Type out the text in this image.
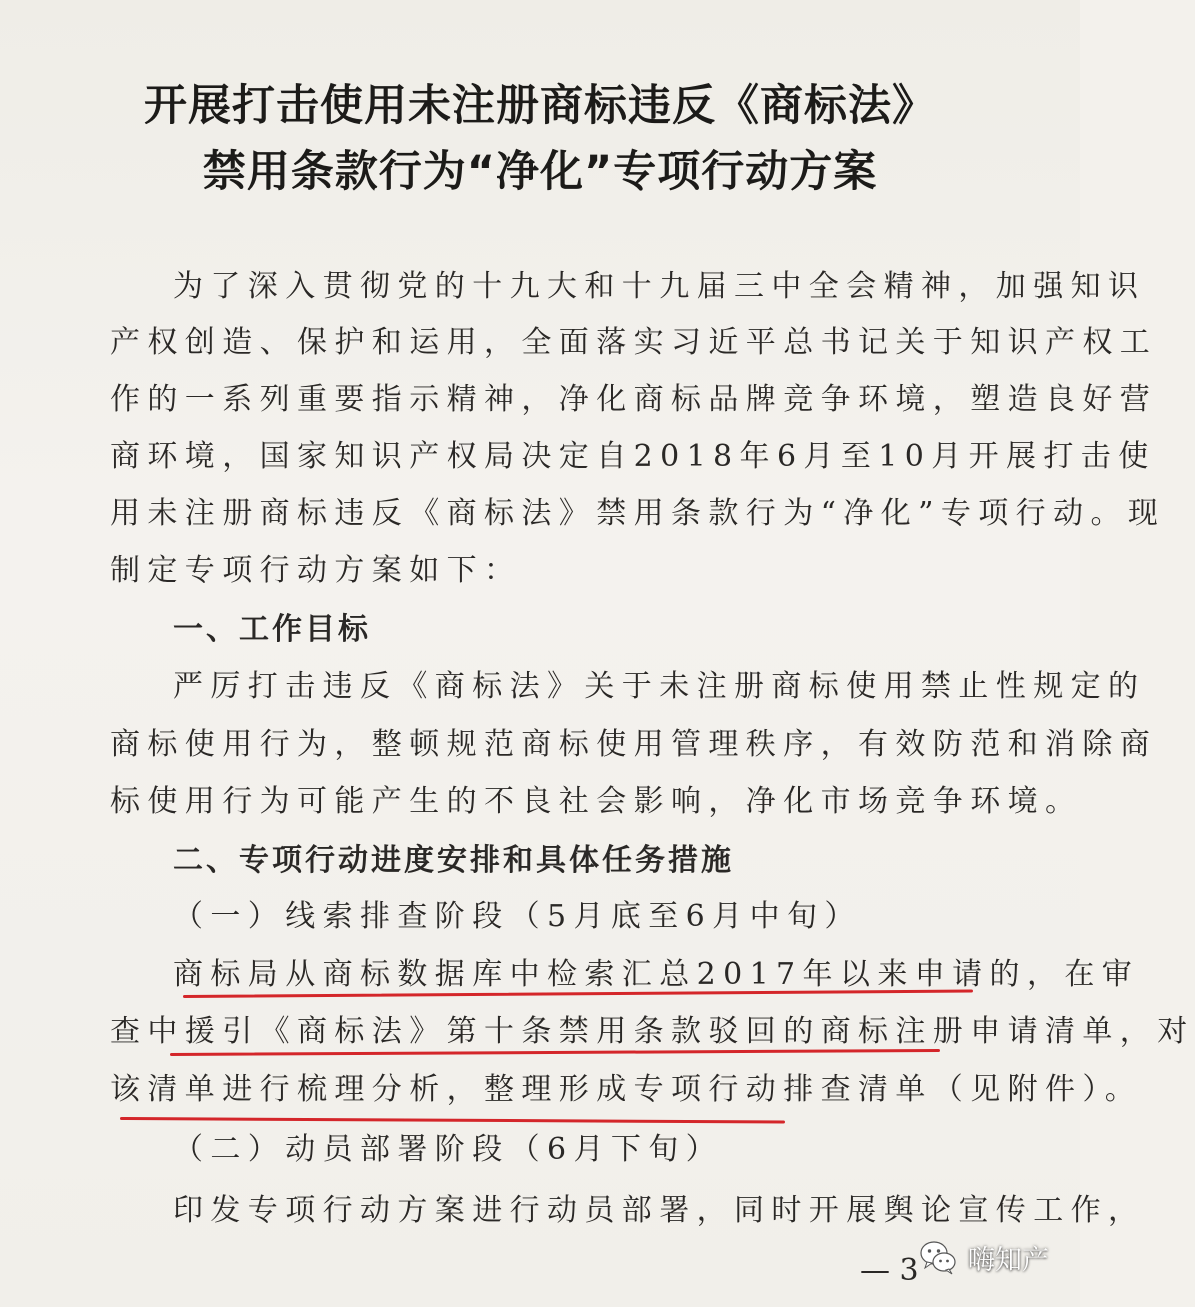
开展打击使用未注册商标违反《商标法》
禁用条款行为“净化”专项行动方案
为了深入贯彻党的十九大和十九届三中全会精神，加强知识
产权创造、保护和运用，全面落实习近平总书记关于知识产权工
作的一系列重要指示精神，净化商标品牌竞争环境，塑造良好营
商环境，国家知识产权局决定自2018年6月至10月开展打击使
用未注册商标违反《商标法》禁用条款行为“净化”专项行动。现
制定专项行动方案如下：
一、工作目标
严厉打击违反《商标法》关于未注册商标使用禁止性规定的
商标使用行为，整顿规范商标使用管理秩序，有效防范和消除商
标使用行为可能产生的不良社会影响，净化市场竞争环境。
二、专项行动进度安排和具体任务措施
（一）线索排查阶段（5月底至6月中旬）
商标局从商标数据库中检索汇总2017年以来申请的，在审
查中援引《商标法》第十条禁用条款驳回的商标注册申请清单，对
该清单进行梳理分析，整理形成专项行动排查清单（见附件）。
（二）动员部署阶段（6月下旬）
印发专项行动方案进行动员部署，同时开展舆论宣传工作，
— 3 嗨知产
